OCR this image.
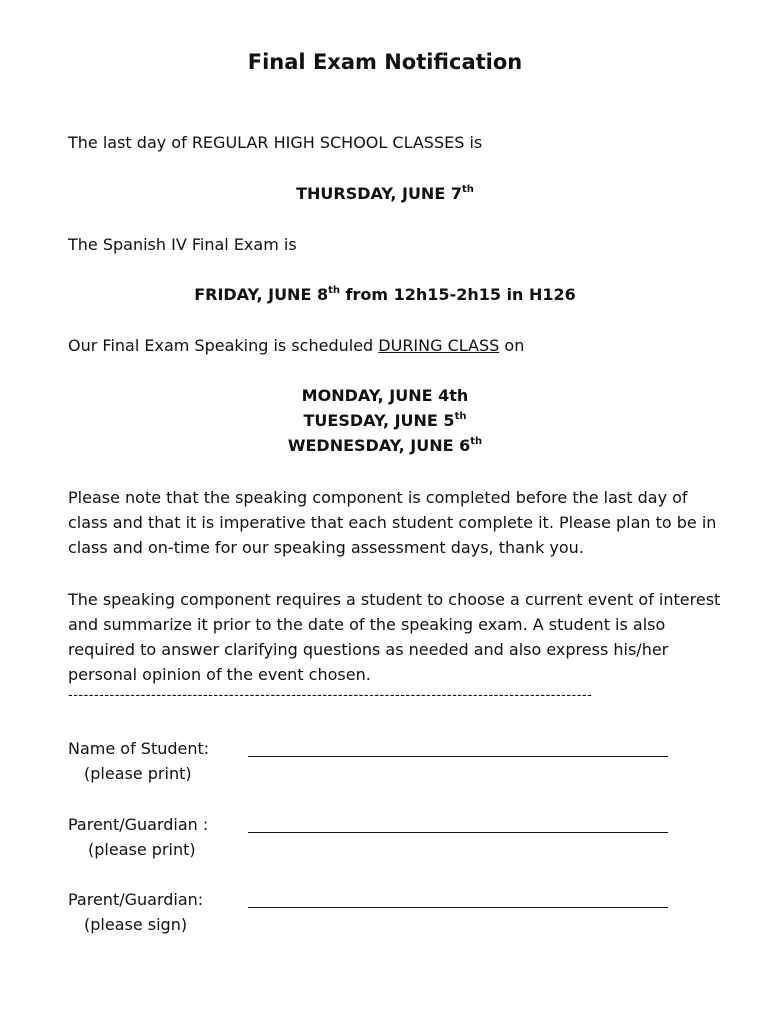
Final Exam Notification
The last day of REGULAR HIGH SCHOOL CLASSES is
THURSDAY, JUNE 7th
The Spanish IV Final Exam is
FRIDAY, JUNE 8th from 12h15-2h15 in H126
Our Final Exam Speaking is scheduled DURING CLASS on
MONDAY, JUNE 4th
TUESDAY, JUNE 5th
WEDNESDAY, JUNE 6th
Please note that the speaking component is completed before the last day of class and that it is imperative that each student complete it. Please plan to be in class and on-time for our speaking assessment days, thank you.
The speaking component requires a student to choose a current event of interest and summarize it prior to the date of the speaking exam. A student is also required to answer clarifying questions as needed and also express his/her personal opinion of the event chosen.
-----------------------------------------------------------------------------------------------------
Name of Student:
(please print)
Parent/Guardian :
(please print)
Parent/Guardian:
(please sign)
